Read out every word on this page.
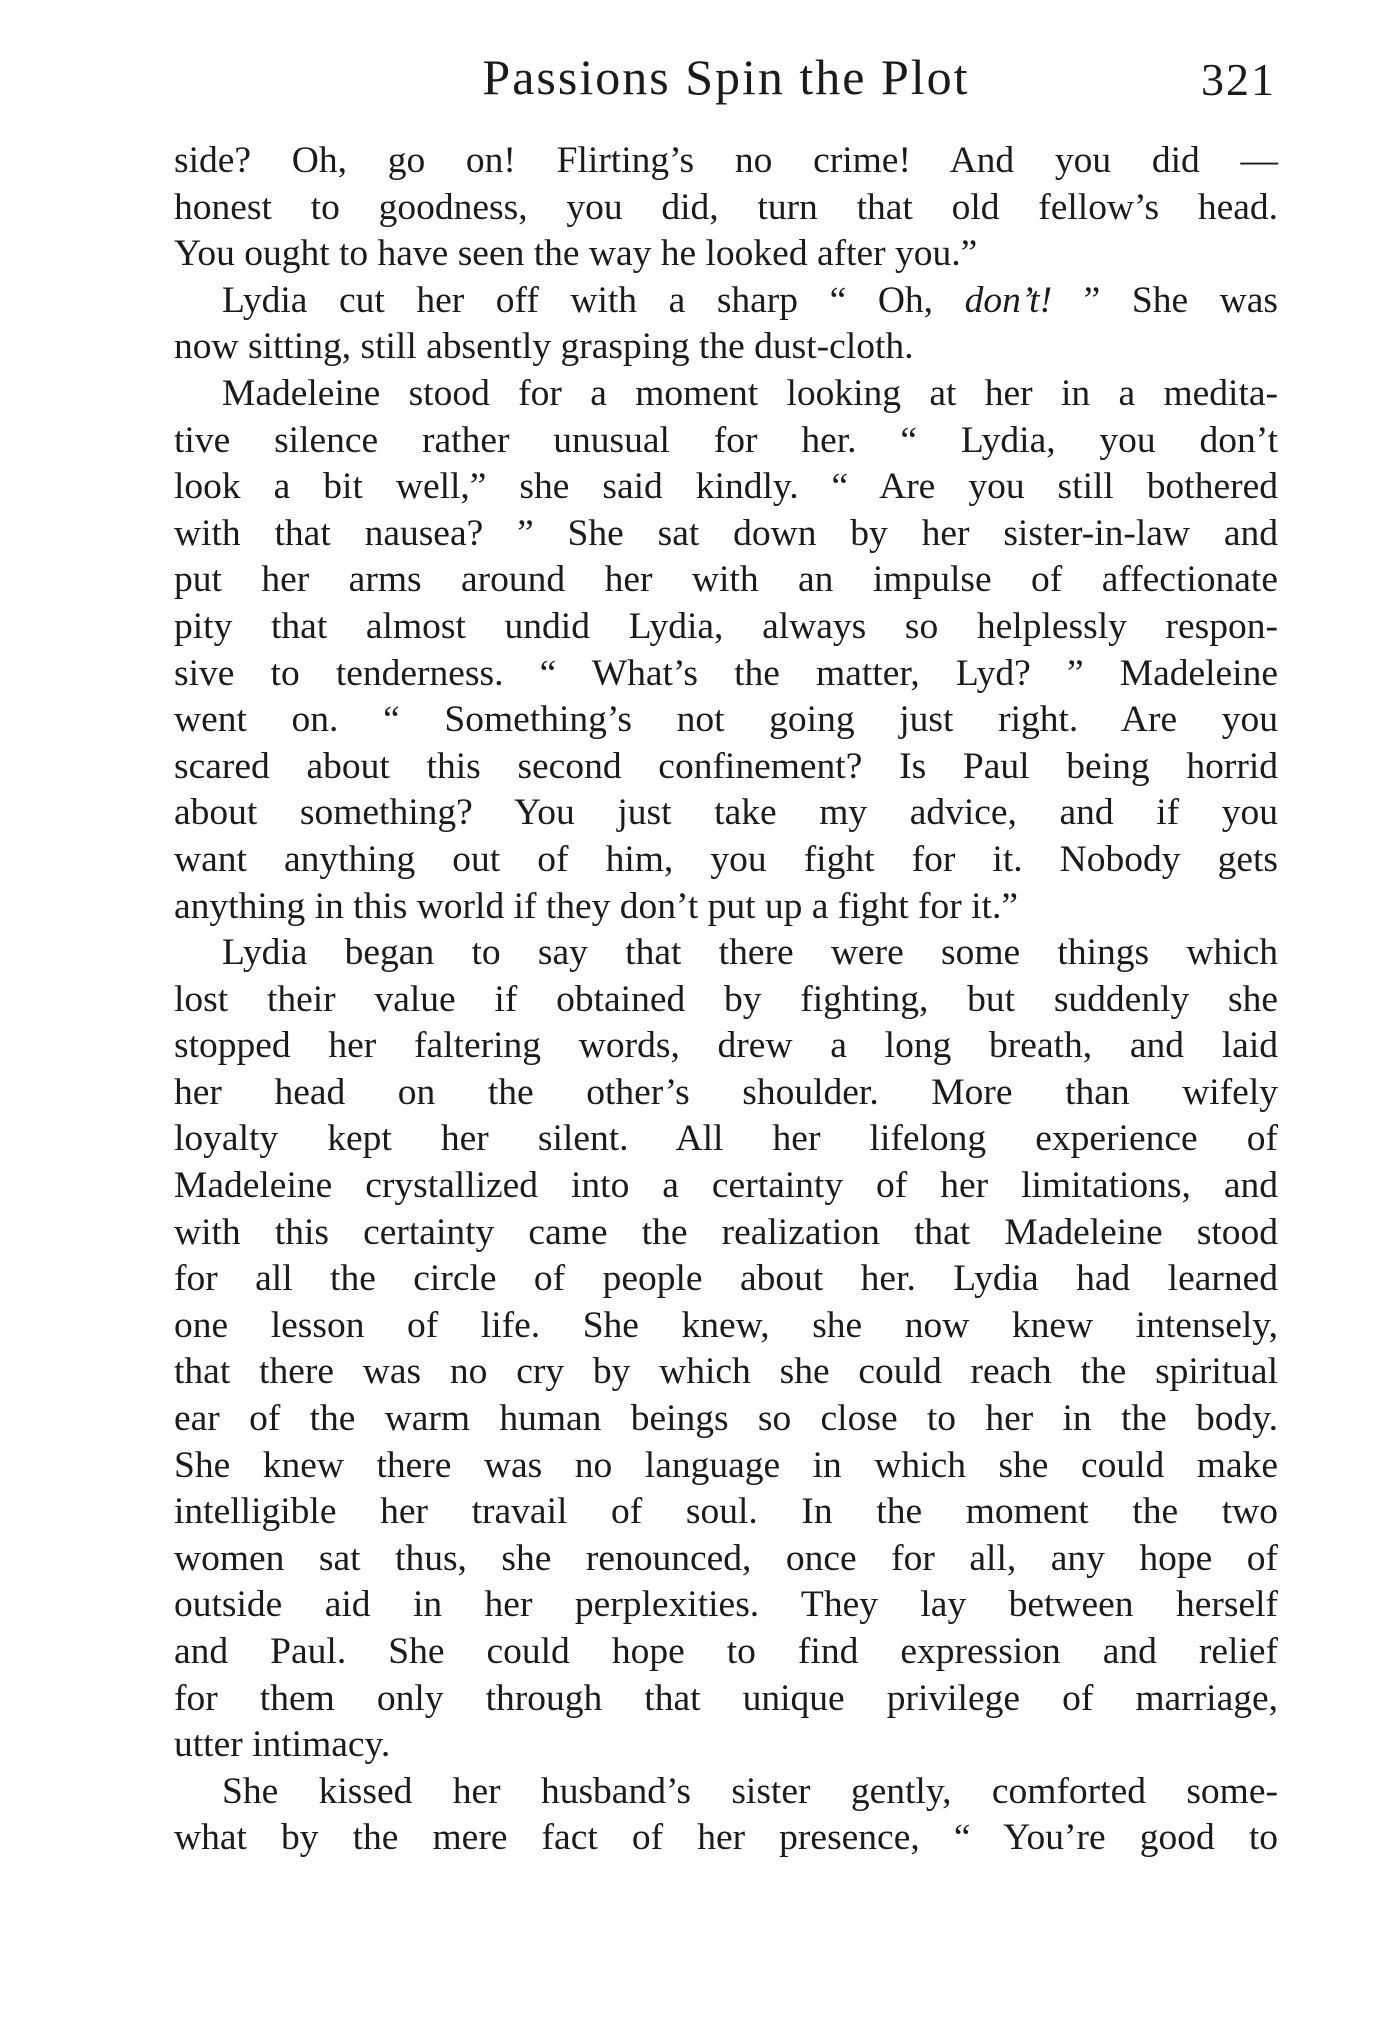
Passions Spin the Plot	321
side? Oh, go on! Flirting’s no crime! And you did —
honest to goodness, you did, turn that old fellow’s head.
You ought to have seen the way he looked after you.”
Lydia cut her off with a sharp “ Oh, don’t! ” She was
now sitting, still absently grasping the dust-cloth.
Madeleine stood for a moment looking at her in a medita-
tive silence rather unusual for her. “ Lydia, you don’t
look a bit well,” she said kindly. “ Are you still bothered
with that nausea? ” She sat down by her sister-in-law and
put her arms around her with an impulse of affectionate
pity that almost undid Lydia, always so helplessly respon-
sive to tenderness. “ What’s the matter, Lyd? ” Madeleine
went on. “ Something’s not going just right. Are you
scared about this second confinement? Is Paul being horrid
about something? You just take my advice, and if you
want anything out of him, you fight for it. Nobody gets
anything in this world if they don’t put up a fight for it.”
Lydia began to say that there were some things which
lost their value if obtained by fighting, but suddenly she
stopped her faltering words, drew a long breath, and laid
her head on the other’s shoulder. More than wifely
loyalty kept her silent. All her lifelong experience of
Madeleine crystallized into a certainty of her limitations, and
with this certainty came the realization that Madeleine stood
for all the circle of people about her. Lydia had learned
one lesson of life. She knew, she now knew intensely,
that there was no cry by which she could reach the spiritual
ear of the warm human beings so close to her in the body.
She knew there was no language in which she could make
intelligible her travail of soul. In the moment the two
women sat thus, she renounced, once for all, any hope of
outside aid in her perplexities. They lay between herself
and Paul. She could hope to find expression and relief
for them only through that unique privilege of marriage,
utter intimacy.
She kissed her husband’s sister gently, comforted some-
what by the mere fact of her presence, “ You’re good to
